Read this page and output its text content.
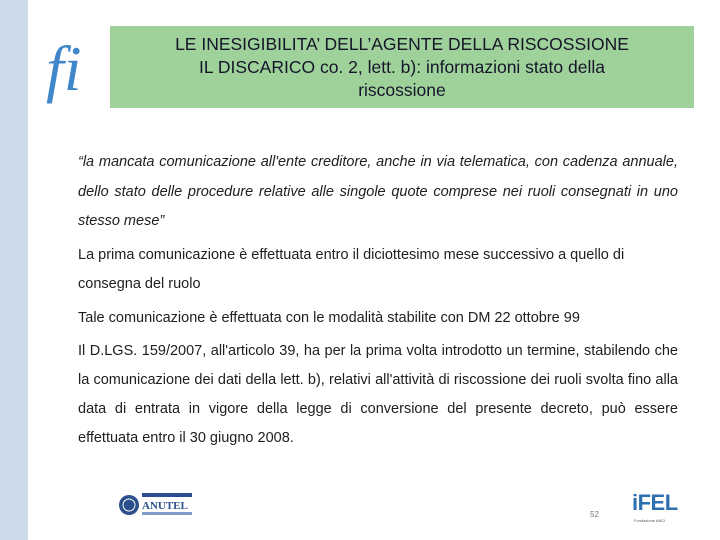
fi	LE INESIGIBILITA’ DELL’AGENTE DELLA RISCOSSIONE
IL DISCARICO co. 2, lett. b): informazioni stato della
riscossione

“la mancata comunicazione all'ente creditore, anche in via telematica, con cadenza annuale, dello stato delle procedure relative alle singole quote comprese nei ruoli consegnati in uno stesso mese”

La prima comunicazione è effettuata entro il diciottesimo mese successivo a quello di consegna del ruolo

Tale comunicazione è effettuata con le modalità stabilite con DM 22 ottobre 99

Il D.LGS. 159/2007, all'articolo 39, ha per la prima volta introdotto un termine, stabilendo che la comunicazione dei dati della lett. b), relativi all'attività di riscossione dei ruoli svolta fino alla data di entrata in vigore della legge di conversione del presente decreto, può essere effettuata entro il 30 giugno 2008.

ANUTEL
52 iFEL
Fondazione ANCI
